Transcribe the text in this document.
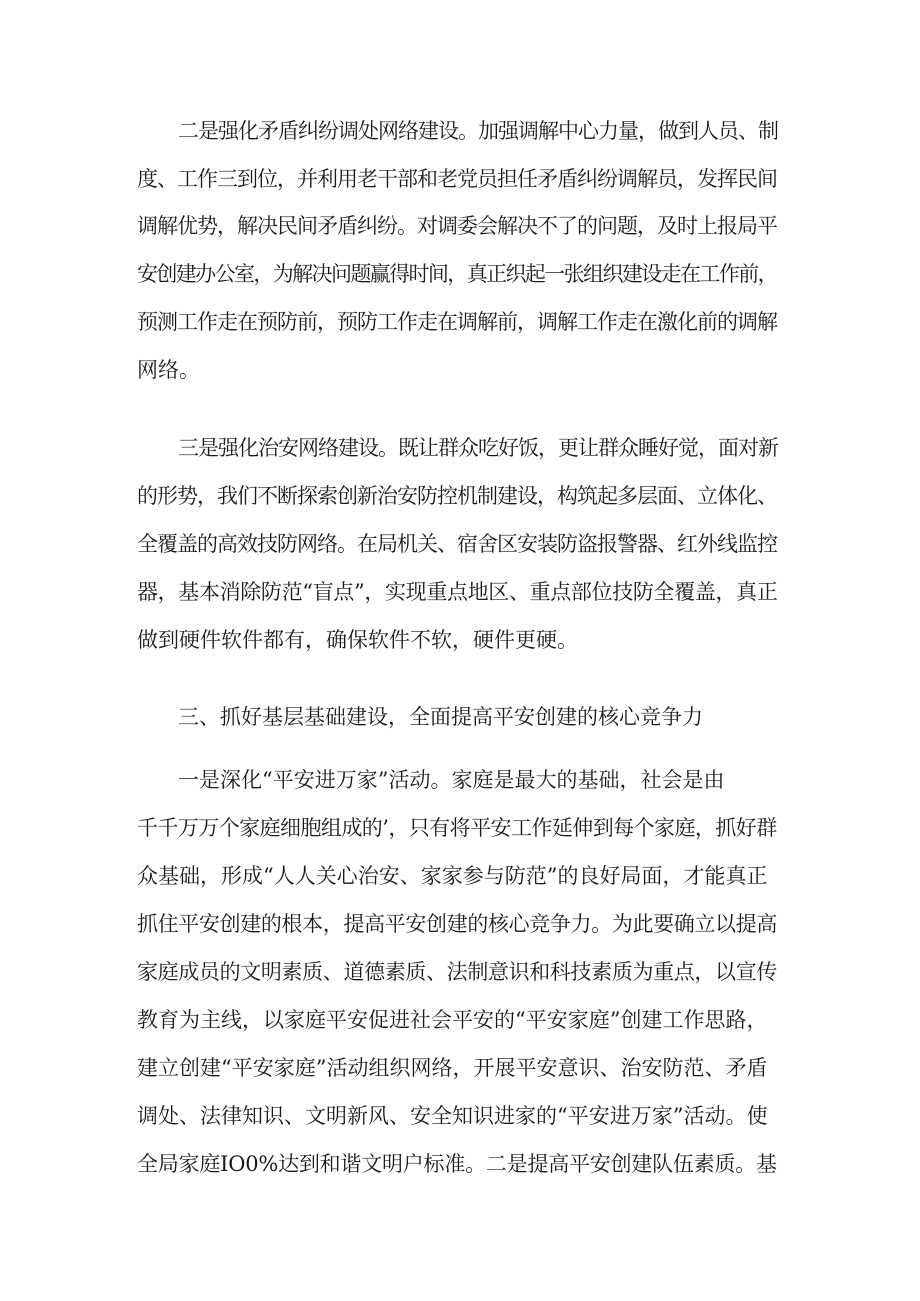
二是强化矛盾纠纷调处网络建设。加强调解中心力量，做到人员、制
度、工作三到位，并利用老干部和老党员担任矛盾纠纷调解员，发挥民间
调解优势，解决民间矛盾纠纷。对调委会解决不了的问题，及时上报局平
安创建办公室，为解决问题赢得时间，真正织起一张组织建设走在工作前，
预测工作走在预防前，预防工作走在调解前，调解工作走在激化前的调解
网络。
三是强化治安网络建设。既让群众吃好饭，更让群众睡好觉，面对新
的形势，我们不断探索创新治安防控机制建设，构筑起多层面、立体化、
全覆盖的高效技防网络。在局机关、宿舍区安装防盗报警器、红外线监控
器，基本消除防范“盲点”，实现重点地区、重点部位技防全覆盖，真正
做到硬件软件都有，确保软件不软，硬件更硬。
三、抓好基层基础建设，全面提高平安创建的核心竞争力
一是深化“平安进万家”活动。家庭是最大的基础，社会是由
千千万万个家庭细胞组成的’，只有将平安工作延伸到每个家庭，抓好群
众基础，形成“人人关心治安、家家参与防范”的良好局面，才能真正
抓住平安创建的根本，提高平安创建的核心竞争力。为此要确立以提高
家庭成员的文明素质、道德素质、法制意识和科技素质为重点，以宣传
教育为主线，以家庭平安促进社会平安的“平安家庭”创建工作思路，
建立创建“平安家庭”活动组织网络，开展平安意识、治安防范、矛盾
调处、法律知识、文明新风、安全知识进家的“平安进万家”活动。使
全局家庭IO0%达到和谐文明户标准。二是提高平安创建队伍素质。基
